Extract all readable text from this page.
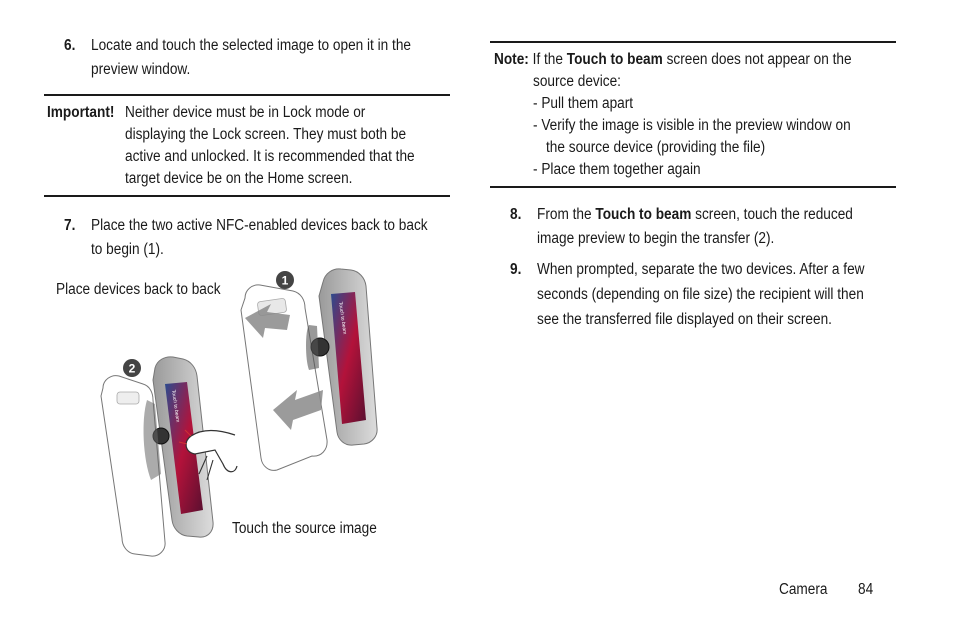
6. Locate and touch the selected image to open it in the
preview window.
Important! Neither device must be in Lock mode or
displaying the Lock screen. They must both be
active and unlocked. It is recommended that the
target device be on the Home screen.
7. Place the two active NFC-enabled devices back to back
to begin (1).
Place devices back to back
Touch the source image
Touch to beam
1
Touch to beam
2
Note: If the Touch to beam screen does not appear on the
source device:
- Pull them apart
- Verify the image is visible in the preview window on
the source device (providing the file)
- Place them together again
8. From the Touch to beam screen, touch the reduced
image preview to begin the transfer (2).
9. When prompted, separate the two devices. After a few
seconds (depending on file size) the recipient will then
see the transferred file displayed on their screen.
Camera 84
